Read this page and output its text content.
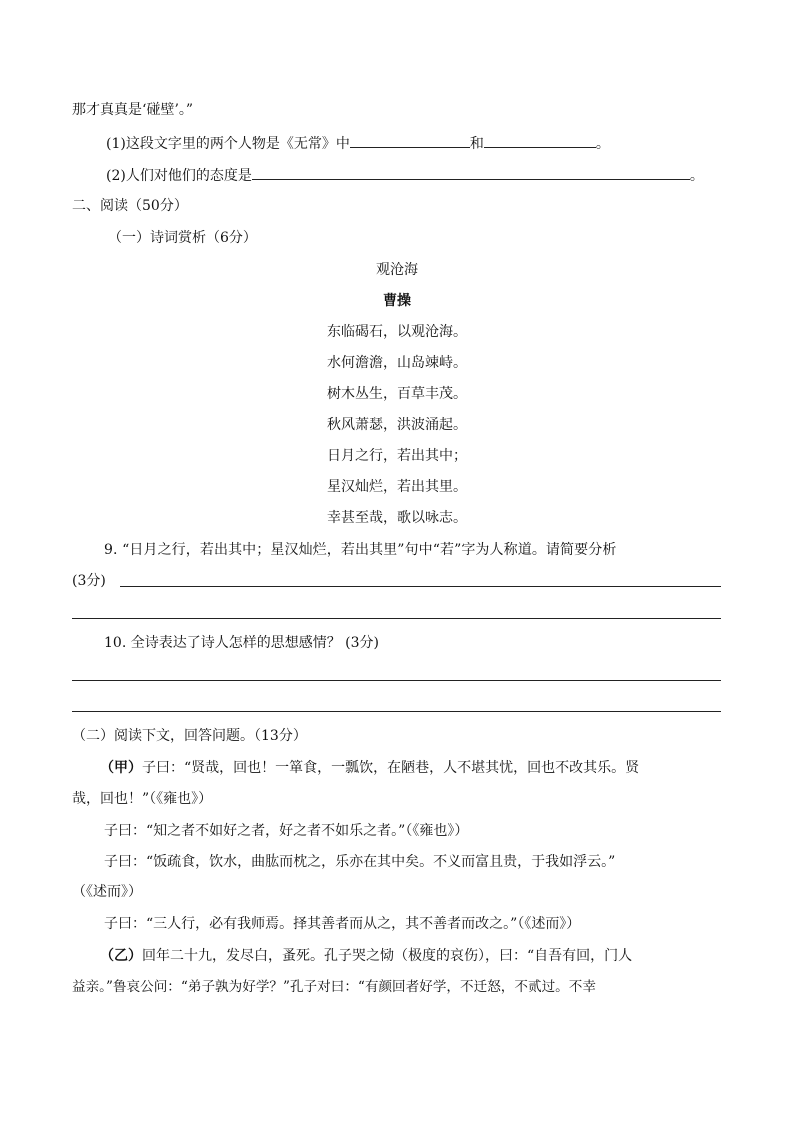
那才真真是‘碰壁’。”
(1)这段文字里的两个人物是《无常》中	和	。
(2)人们对他们的态度是	。
二、阅读（50分）
（一）诗词赏析（6分）
观沧海
曹操
东临碣石，以观沧海。
水何澹澹，山岛竦峙。
树木丛生，百草丰茂。
秋风萧瑟，洪波涌起。
日月之行，若出其中；
星汉灿烂，若出其里。
幸甚至哉，歌以咏志。
9. “日月之行，若出其中；星汉灿烂，若出其里”句中“若”字为人称道。请简要分析
(3分)
10. 全诗表达了诗人怎样的思想感情？ (3分)
（二）阅读下文，回答问题。（13分）
（甲）子曰：“贤哉，回也！一箪食，一瓢饮，在陋巷，人不堪其忧，回也不改其乐。贤
哉，回也！”（《雍也》）
子曰：“知之者不如好之者，好之者不如乐之者。”（《雍也》）
子曰：“饭疏食，饮水，曲肱而枕之，乐亦在其中矣。不义而富且贵，于我如浮云。”
（《述而》）
子曰：“三人行，必有我师焉。择其善者而从之，其不善者而改之。”（《述而》）
（乙）回年二十九，发尽白，蚤死。孔子哭之恸（极度的哀伤），曰：“自吾有回，门人
益亲。”鲁哀公问：“弟子孰为好学？”孔子对曰：“有颜回者好学，不迁怒，不贰过。不幸
